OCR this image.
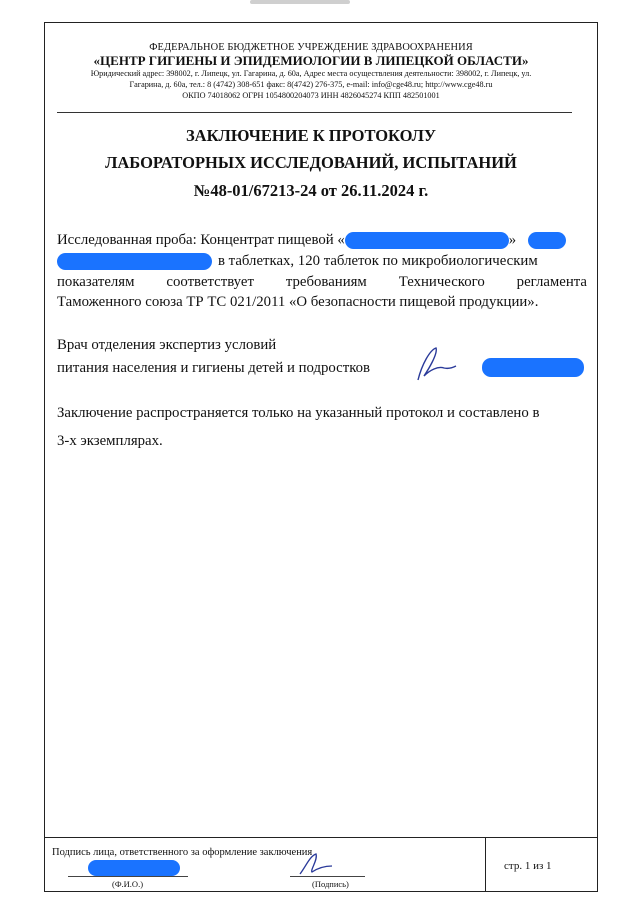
ФЕДЕРАЛЬНОЕ БЮДЖЕТНОЕ УЧРЕЖДЕНИЕ ЗДРАВООХРАНЕНИЯ
«ЦЕНТР ГИГИЕНЫ И ЭПИДЕМИОЛОГИИ В ЛИПЕЦКОЙ ОБЛАСТИ»
Юридический адрес: 398002, г. Липецк, ул. Гагарина, д. 60а, Адрес места осуществления деятельности: 398002, г. Липецк, ул.
Гагарина, д. 60а, тел.: 8 (4742) 308-651 факс: 8(4742) 276-375, e-mail: info@cge48.ru; http://www.cge48.ru
ОКПО 74018062 ОГРН 1054800204073 ИНН 4826045274 КПП 482501001
ЗАКЛЮЧЕНИЕ К ПРОТОКОЛУ
ЛАБОРАТОРНЫХ ИССЛЕДОВАНИЙ, ИСПЫТАНИЙ
№48-01/67213-24 от 26.11.2024 г.
Исследованная проба: Концентрат пищевой «	»
в таблетках, 120 таблеток по микробиологическим
показателям соответствует требованиям Технического регламента
Таможенного союза ТР ТС 021/2011 «О безопасности пищевой продукции».
Врач отделения экспертиз условий
питания населения и гигиены детей и подростков
Заключение распространяется только на указанный протокол и составлено в
3-х экземплярах.
Подпись лица, ответственного за оформление заключения
(Ф.И.О.)	(Подпись)
стр. 1 из 1
